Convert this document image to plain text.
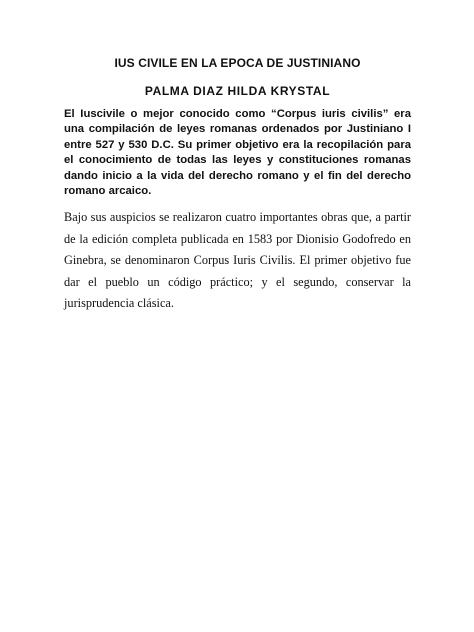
IUS CIVILE EN LA EPOCA DE JUSTINIANO
PALMA DIAZ HILDA KRYSTAL

El Iuscivile o mejor conocido como “Corpus iuris civilis” era una compilación de leyes romanas ordenados por Justiniano I entre 527 y 530 D.C. Su primer objetivo era la recopilación para el conocimiento de todas las leyes y constituciones romanas dando inicio a la vida del derecho romano y el fin del derecho romano arcaico.

Bajo sus auspicios se realizaron cuatro importantes obras que, a partir de la edición completa publicada en 1583 por Dionisio Godofredo en Ginebra, se denominaron Corpus Iuris Civilis. El primer objetivo fue dar el pueblo un código práctico; y el segundo, conservar la jurisprudencia clásica.
